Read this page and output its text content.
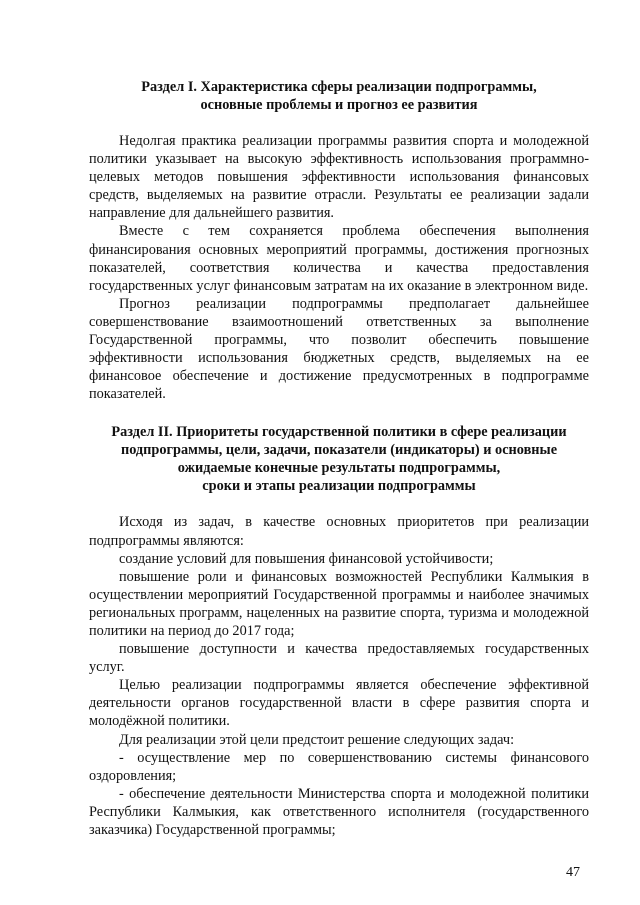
Раздел I. Характеристика сферы реализации подпрограммы,
основные проблемы и прогноз ее развития

Недолгая практика реализации программы развития спорта и молодежной политики указывает на высокую эффективность использования программно-целевых методов повышения эффективности использования финансовых средств, выделяемых на развитие отрасли. Результаты ее реализации задали направление для дальнейшего развития.

Вместе с тем сохраняется проблема обеспечения выполнения финансирования основных мероприятий программы, достижения прогнозных показателей, соответствия количества и качества предоставления государственных услуг финансовым затратам на их оказание в электронном виде.

Прогноз реализации подпрограммы предполагает дальнейшее совершенствование взаимоотношений ответственных за выполнение Государственной программы, что позволит обеспечить повышение эффективности использования бюджетных средств, выделяемых на ее финансовое обеспечение и достижение предусмотренных в подпрограмме показателей.

Раздел II. Приоритеты государственной политики в сфере реализации
подпрограммы, цели, задачи, показатели (индикаторы) и основные
ожидаемые конечные результаты подпрограммы,
сроки и этапы реализации подпрограммы

Исходя из задач, в качестве основных приоритетов при реализации подпрограммы являются:

создание условий для повышения финансовой устойчивости;

повышение роли и финансовых возможностей Республики Калмыкия в осуществлении мероприятий Государственной программы и наиболее значимых региональных программ, нацеленных на развитие спорта, туризма и молодежной политики на период до 2017 года;

повышение доступности и качества предоставляемых государственных услуг.

Целью реализации подпрограммы является обеспечение эффективной деятельности органов государственной власти в сфере развития спорта и молодёжной политики.

Для реализации этой цели предстоит решение следующих задач:

- осуществление мер по совершенствованию системы финансового оздоровления;

- обеспечение деятельности Министерства спорта и молодежной политики Республики Калмыкия, как ответственного исполнителя (государственного заказчика) Государственной программы;

47
